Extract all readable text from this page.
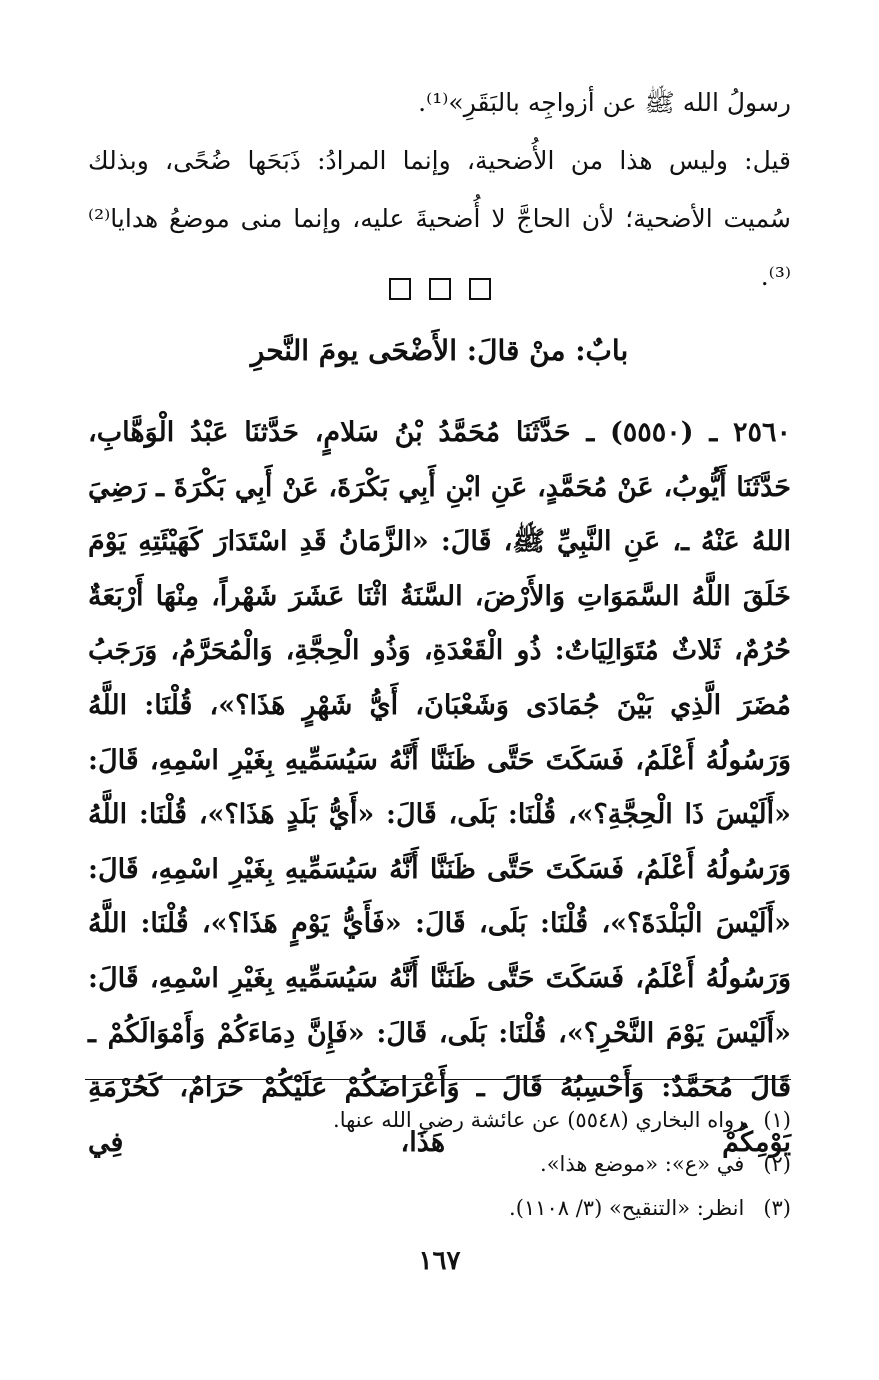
رسولُ الله ﷺ عن أزواجِه بالبَقَرِ»⁽¹⁾.

قيل: وليس هذا من الأُضحية، وإنما المرادُ: ذَبَحَها ضُحًى، وبذلك سُميت الأضحية؛ لأن الحاجَّ لا أُضحيةَ عليه، وإنما منى موضعُ هدايا⁽²⁾⁽³⁾.

بابٌ: منْ قالَ: الأَضْحَى يومَ النَّحرِ

٢٥٦٠ ـ (٥٥٥٠) ـ حَدَّثَنَا مُحَمَّدُ بْنُ سَلامٍ، حَدَّثنَا عَبْدُ الْوَهَّابِ، حَدَّثَنَا أَيُّوبُ، عَنْ مُحَمَّدٍ، عَنِ ابْنِ أَبِي بَكْرَةَ، عَنْ أَبِي بَكْرَةَ ـ رَضِيَ اللهُ عَنْهُ ـ، عَنِ النَّبِيِّ ﷺ، قَالَ: «الزَّمَانُ قَدِ اسْتَدَارَ كَهَيْئَتِهِ يَوْمَ خَلَقَ اللَّهُ السَّمَوَاتِ وَالأَرْضَ، السَّنَةُ اثْنَا عَشَرَ شَهْراً، مِنْهَا أَرْبَعَةٌ حُرُمٌ، ثَلاثٌ مُتَوَالِيَاتٌ: ذُو الْقَعْدَةِ، وَذُو الْحِجَّةِ، وَالْمُحَرَّمُ، وَرَجَبُ مُضَرَ الَّذِي بَيْنَ جُمَادَى وَشَعْبَانَ، أَيُّ شَهْرٍ هَذَا؟»، قُلْنَا: اللَّهُ وَرَسُولُهُ أَعْلَمُ، فَسَكَتَ حَتَّى ظَنَنَّا أَنَّهُ سَيُسَمِّيهِ بِغَيْرِ اسْمِهِ، قَالَ: «أَلَيْسَ ذَا الْحِجَّةِ؟»، قُلْنَا: بَلَى، قَالَ: «أَيُّ بَلَدٍ هَذَا؟»، قُلْنَا: اللَّهُ وَرَسُولُهُ أَعْلَمُ، فَسَكَتَ حَتَّى ظَنَنَّا أَنَّهُ سَيُسَمِّيهِ بِغَيْرِ اسْمِهِ، قَالَ: «أَلَيْسَ الْبَلْدَةَ؟»، قُلْنَا: بَلَى، قَالَ: «فَأَيُّ يَوْمٍ هَذَا؟»، قُلْنَا: اللَّهُ وَرَسُولُهُ أَعْلَمُ، فَسَكَتَ حَتَّى ظَنَنَّا أَنَّهُ سَيُسَمِّيهِ بِغَيْرِ اسْمِهِ، قَالَ: «أَلَيْسَ يَوْمَ النَّحْرِ؟»، قُلْنَا: بَلَى، قَالَ: «فَإِنَّ دِمَاءَكُمْ وَأَمْوَالَكُمْ ـ قَالَ مُحَمَّدٌ: وَأَحْسِبُهُ قَالَ ـ وَأَعْرَاضَكُمْ عَلَيْكُمْ حَرَامٌ، كَحُرْمَةِ يَوْمِكُمْ هَذَا، فِي

(١) رواه البخاري (٥٥٤٨) عن عائشة رضي الله عنها.
(٢) في «ع»: «موضع هذا».
(٣) انظر: «التنقيح» (٣/ ١١٠٨).
١٦٧
